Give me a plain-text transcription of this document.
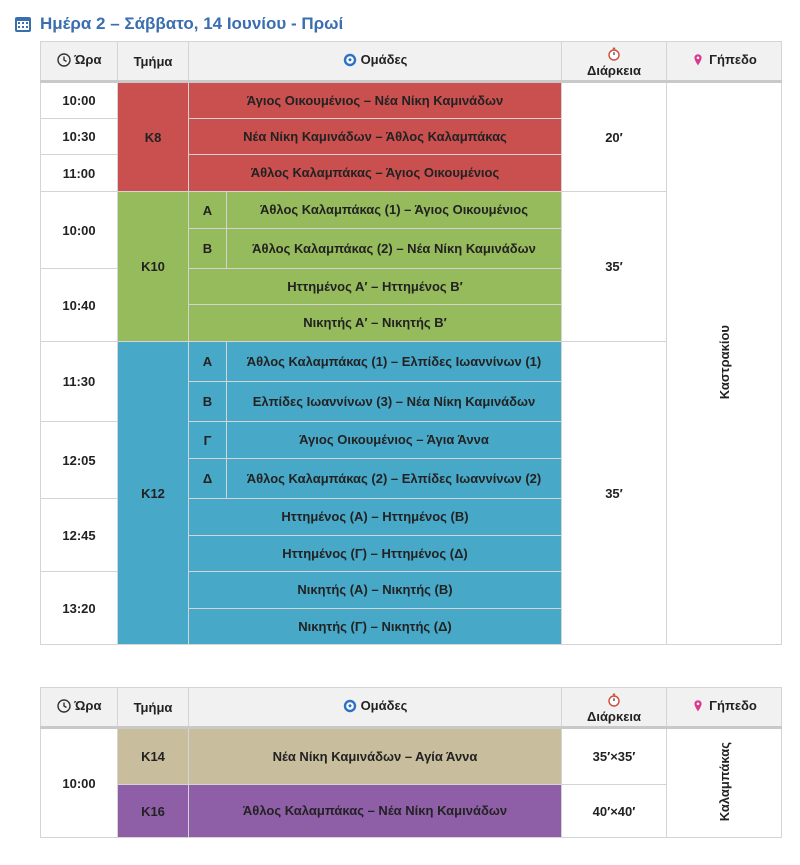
Ημέρα 2 – Σάββατο, 14 Ιουνίου - Πρωί
Ώρα	Τμήμα	Ομάδες		Διάρκεια	Γήπεδο

10:00	Κ8	Άγιος Οικουμένιος – Νέα Νίκη Καμινάδων		20′	Καστρακίου
10:30		Νέα Νίκη Καμινάδων – Άθλος Καλαμπάκας			
11:00		Άθλος Καλαμπάκας – Άγιος Οικουμένιος			
10:00	Κ10	Α	Άθλος Καλαμπάκας (1) – Άγιος Οικουμένιος	35′	
		Β	Άθλος Καλαμπάκας (2) – Νέα Νίκη Καμινάδων		
10:40		Ηττημένος Α′ – Ηττημένος Β′			
		Νικητής Α′ – Νικητής Β′			
11:30	Κ12	Α	Άθλος Καλαμπάκας (1) – Ελπίδες Ιωαννίνων (1)	35′	
		Β	Ελπίδες Ιωαννίνων (3) – Νέα Νίκη Καμινάδων		
12:05		Γ	Άγιος Οικουμένιος – Άγια Άννα		
		Δ	Άθλος Καλαμπάκας (2) – Ελπίδες Ιωαννίνων (2)		
12:45		Ηττημένος (Α) – Ηττημένος (Β)			
		Ηττημένος (Γ) – Ηττημένος (Δ)			
13:20		Νικητής (Α) – Νικητής (Β)			
		Νικητής (Γ) – Νικητής (Δ)			
Ώρα	Τμήμα	Ομάδες	Διάρκεια	Γήπεδο

10:00	Κ14	Νέα Νίκη Καμινάδων – Αγία Άννα	35′×35′	Καλαμπάκας
	Κ16	Άθλος Καλαμπάκας – Νέα Νίκη Καμινάδων	40′×40′	
